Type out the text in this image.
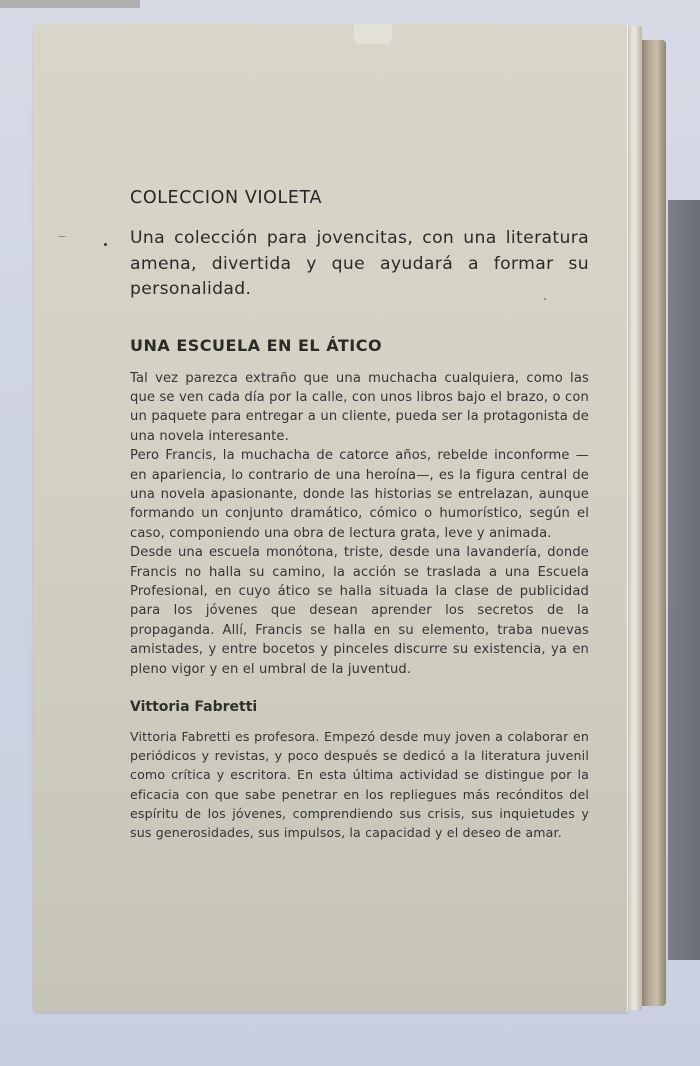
COLECCION VIOLETA

Una colección para jovencitas, con una literatura amena, divertida y que ayudará a formar su personalidad.

UNA ESCUELA EN EL ÁTICO

Tal vez parezca extraño que una muchacha cualquiera, como las que se ven cada día por la calle, con unos libros bajo el brazo, o con un paquete para entregar a un cliente, pueda ser la protagonista de una novela interesante.

Pero Francis, la muchacha de catorce años, rebelde inconforme —en apariencia, lo contrario de una heroína—, es la figura central de una novela apasionante, donde las historias se entrelazan, aunque formando un conjunto dramático, cómico o humorístico, según el caso, componiendo una obra de lectura grata, leve y animada.

Desde una escuela monótona, triste, desde una lavandería, donde Francis no halla su camino, la acción se traslada a una Escuela Profesional, en cuyo ático se halla situada la clase de publicidad para los jóvenes que desean aprender los secretos de la propaganda. Allí, Francis se halla en su elemento, traba nuevas amistades, y entre bocetos y pinceles discurre su existencia, ya en pleno vigor y en el umbral de la juventud.

Vittoria Fabretti

Vittoria Fabretti es profesora. Empezó desde muy joven a colaborar en periódicos y revistas, y poco después se dedicó a la literatura juvenil como crítica y escritora. En esta última actividad se distingue por la eficacia con que sabe penetrar en los repliegues más recónditos del espíritu de los jóvenes, comprendiendo sus crisis, sus inquietudes y sus generosidades, sus impulsos, la capacidad y el deseo de amar.
